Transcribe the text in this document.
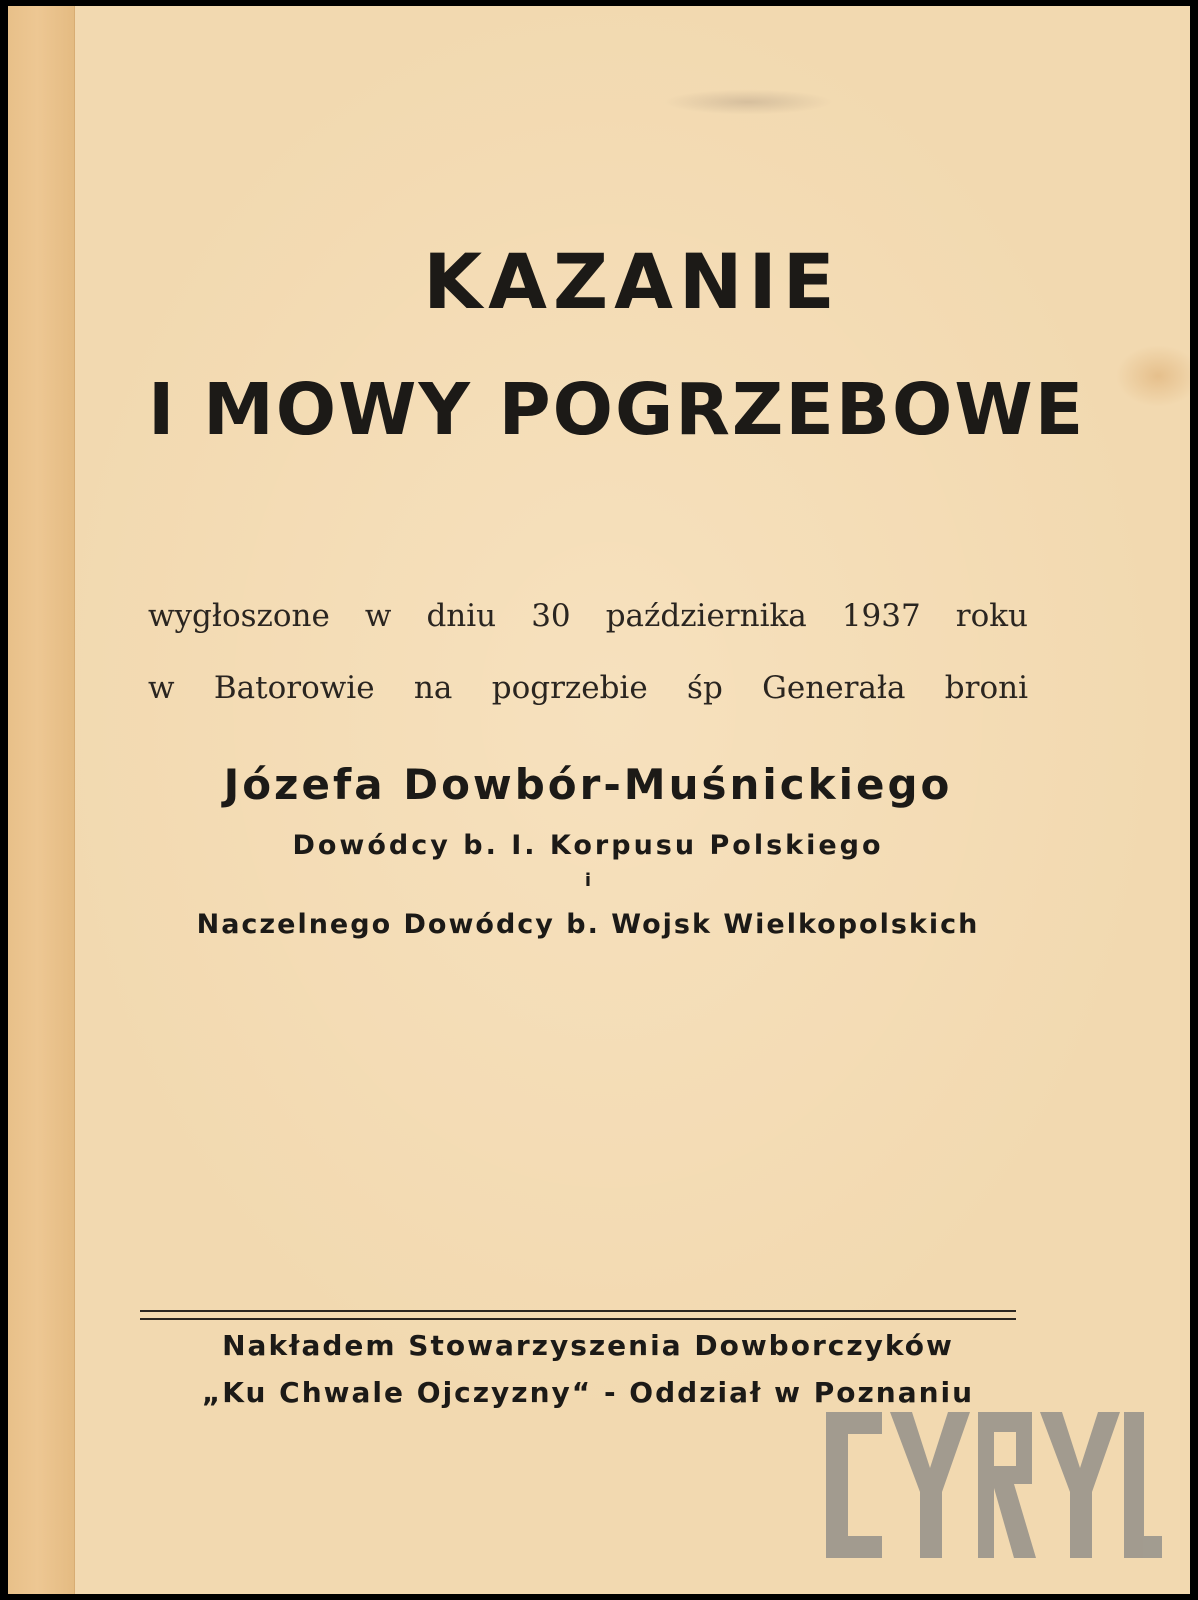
KAZANIE
I MOWY POGRZEBOWE
wygłoszone w dniu 30 października 1937 roku
w Batorowie na pogrzebie śp Generała broni
Józefa Dowbór-Muśnickiego
Dowódcy b. I. Korpusu Polskiego
i
Naczelnego Dowódcy b. Wojsk Wielkopolskich
Nakładem Stowarzyszenia Dowborczyków
„Ku Chwale Ojczyzny“ - Oddział w Poznaniu
